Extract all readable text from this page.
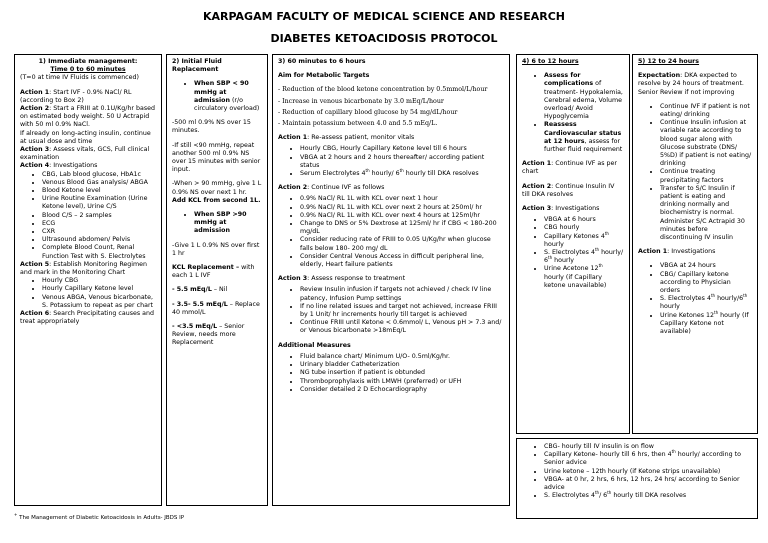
KARPAGAM FACULTY OF MEDICAL SCIENCE AND RESEARCH
DIABETES KETOACIDOSIS PROTOCOL

1) Immediate management:

Time 0 to 60 minutes

(T=0 at time IV Fluids is commenced)

Action 1: Start IVF - 0.9% NaCl/ RL (according to Box 2)

Action 2: Start a FRIII at 0.1U/Kg/hr based on estimated body weight. 50 U Actrapid with 50 ml 0.9% NaCl.

If already on long-acting insulin, continue at usual dose and time

Action 3: Assess vitals, GCS, Full clinical examination

Action 4: Investigations

• CBG, Lab blood glucose, HbA1c
• Venous Blood Gas analysis/ ABGA
• Blood Ketone level
• Urine Routine Examination (Urine Ketone level), Urine C/S
• Blood C/S – 2 samples
• ECG
• CXR
• Ultrasound abdomen/ Pelvis
• Complete Blood Count, Renal Function Test with S. Electrolytes

Action 5: Establish Monitoring Regimen and mark in the Monitoring Chart

• Hourly CBG
• Hourly Capillary Ketone level
• Venous ABGA, Venous bicarbonate, S. Potassium to repeat as per chart

Action 6: Search Precipitating causes and treat appropriately

2) Initial Fluid Replacement

• When SBP < 90 mmHg at admission (r/o circulatory overload)

-500 ml 0.9% NS over 15 minutes.

-If still <90 mmHg, repeat another 500 ml 0.9% NS over 15 minutes with senior input.

-When > 90 mmHg, give 1 L 0.9% NS over next 1 hr. Add KCL from second 1L.

• When SBP >90 mmHg at admission

-Give 1 L 0.9% NS over first 1 hr

KCL Replacement – with each 1 L IVF

- 5.5 mEq/L – Nil

- 3.5- 5.5 mEq/L – Replace 40 mmol/L

- <3.5 mEq/L – Senior Review, needs more Replacement

3) 60 minutes to 6 hours

Aim for Metabolic Targets

- Reduction of the blood ketone concentration by 0.5mmol/L/hour

- Increase in venous bicarbonate by 3.0 mEq/L/hour

- Reduction of capillary blood glucose by 54 mg/dL/hour

- Maintain potassium between 4.0 and 5.5 mEq/L.

Action 1: Re-assess patient, monitor vitals

• Hourly CBG, Hourly Capillary Ketone level till 6 hours
• VBGA at 2 hours and 2 hours thereafter/ according patient status
• Serum Electrolytes 4th hourly/ 6th hourly till DKA resolves

Action 2: Continue IVF as follows

• 0.9% NaCl/ RL 1L with KCL over next 1 hour
• 0.9% NaCl/ RL 1L with KCL over next 2 hours at 250ml/ hr
• 0.9% NaCl/ RL 1L with KCL over next 4 hours at 125ml/hr
• Change to DNS or 5% Dextrose at 125ml/ hr if CBG < 180-200 mg/dL
• Consider reducing rate of FRIII to 0.05 U/Kg/hr when glucose falls below 180- 200 mg/ dL
• Consider Central Venous Access in difficult peripheral line, elderly, Heart failure patients

Action 3: Assess response to treatment

• Review Insulin infusion if targets not achieved / check IV line patency, Infusion Pump settings
• If no line related issues and target not achieved, increase FRIII by 1 Unit/ hr increments hourly till target is achieved
• Continue FRIII until Ketone < 0.6mmol/ L, Venous pH > 7.3 and/ or Venous bicarbonate >18mEq/L

Additional Measures

• Fluid balance chart/ Minimum U/O- 0.5ml/Kg/hr.
• Urinary bladder Catheterization
• NG tube insertion if patient is obtunded
• Thromboprophylaxis with LMWH (preferred) or UFH
• Consider detailed 2 D Echocardiography

4) 6 to 12 hours

• Assess for complications of treatment- Hypokalemia, Cerebral edema, Volume overload/ Avoid Hypoglycemia
• Reassess Cardiovascular status at 12 hours, assess for further fluid requirement

Action 1: Continue IVF as per chart

Action 2: Continue Insulin IV till DKA resolves

Action 3: Investigations

• VBGA at 6 hours
• CBG hourly
• Capillary Ketones 4th hourly
• S. Electrolytes 4th hourly/ 6th hourly
• Urine Acetone 12th hourly (if Capillary ketone unavailable)

5) 12 to 24 hours

Expectation: DKA expected to resolve by 24 hours of treatment. Senior Review if not improving

• Continue IVF if patient is not eating/ drinking
• Continue Insulin infusion at variable rate according to blood sugar along with Glucose substrate (DNS/ 5%D) if patient is not eating/ drinking
• Continue treating precipitating factors
• Transfer to S/C Insulin if patient is eating and drinking normally and biochemistry is normal. Administer S/C Actrapid 30 minutes before discontinuing IV insulin

Action 1: Investigations

• VBGA at 24 hours
• CBG/ Capillary ketone according to Physician orders
• S. Electrolytes 4th hourly/6th hourly
• Urine Ketones 12th hourly (If Capillary Ketone not available)
• CBG- hourly till IV insulin is on flow
• Capillary Ketone- hourly till 6 hrs, then 4th hourly/ according to Senior advice
• Urine ketone – 12th hourly (if Ketone strips unavailable)
• VBGA- at 0 hr, 2 hrs, 6 hrs, 12 hrs, 24 hrs/ according to Senior advice
• S. Electrolytes 4th/ 6th hourly till DKA resolves
+ The Management of Diabetic Ketoacidosis in Adults- JBDS IP
